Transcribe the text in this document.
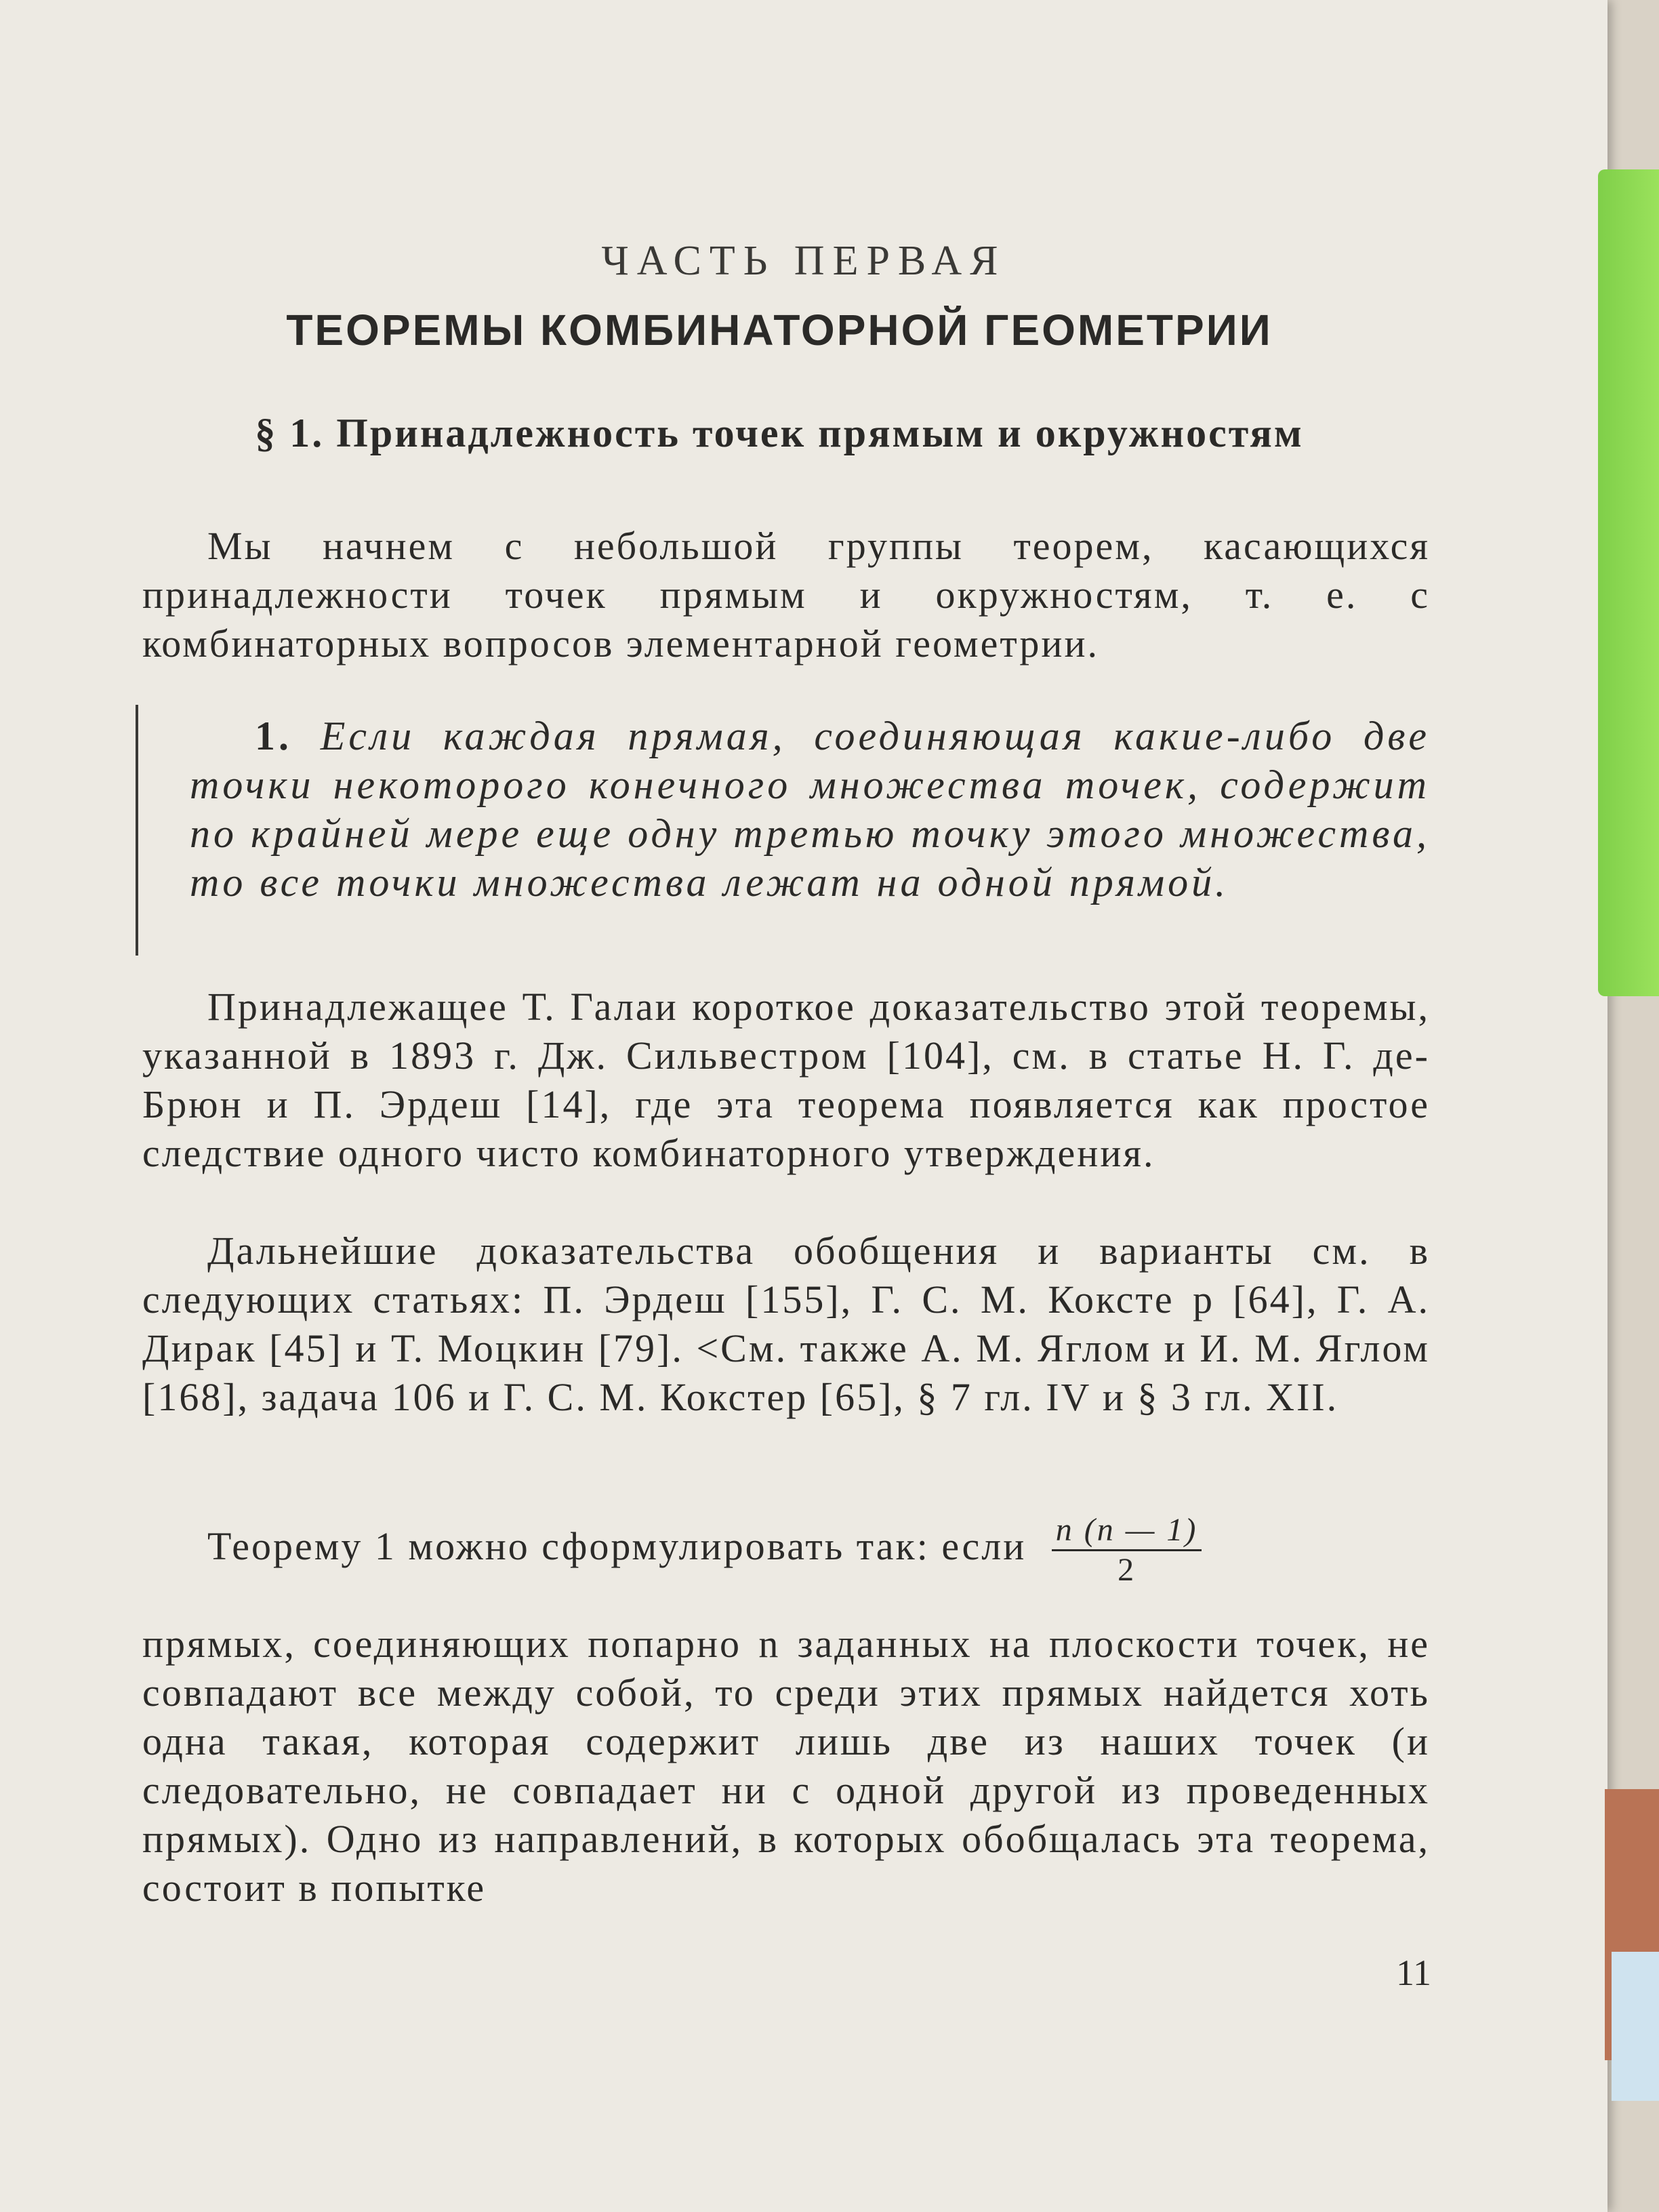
ЧАСТЬ ПЕРВАЯ
ТЕОРЕМЫ КОМБИНАТОРНОЙ ГЕОМЕТРИИ
§ 1. Принадлежность точек прямым и окружностям
Мы начнем с небольшой группы теорем, касающихся принадлежности точек прямым и окружностям, т. е. с комбинаторных вопросов элементарной геометрии.
1. Если каждая прямая, соединяющая какие-либо две точки некоторого конечного множества точек, содержит по крайней мере еще одну третью точку этого множества, то все точки множества лежат на одной прямой.
Принадлежащее Т. Галаи короткое доказательство этой теоремы, указанной в 1893 г. Дж. Сильвестром [104], см. в статье Н. Г. де-Брюн и П. Эрдеш [14], где эта теорема появляется как простое следствие одного чисто комбинаторного утверждения.
Дальнейшие доказательства обобщения и варианты см. в следующих статьях: П. Эрдеш [155], Г. С. М. Коксте р [64], Г. А. Дирак [45] и Т. Моцкин [79]. <См. также А. М. Яглом и И. М. Яглом [168], задача 106 и Г. С. М. Кокстер [65], § 7 гл. IV и § 3 гл. XII.
Теорему 1 можно сформулировать так: если $\frac{n (n — 1)}{2}$
прямых, соединяющих попарно n заданных на плоскости точек, не совпадают все между собой, то среди этих прямых найдется хоть одна такая, которая содержит лишь две из наших точек (и следовательно, не совпадает ни с одной другой из проведенных прямых). Одно из направлений, в которых обобщалась эта теорема, состоит в попытке
11
